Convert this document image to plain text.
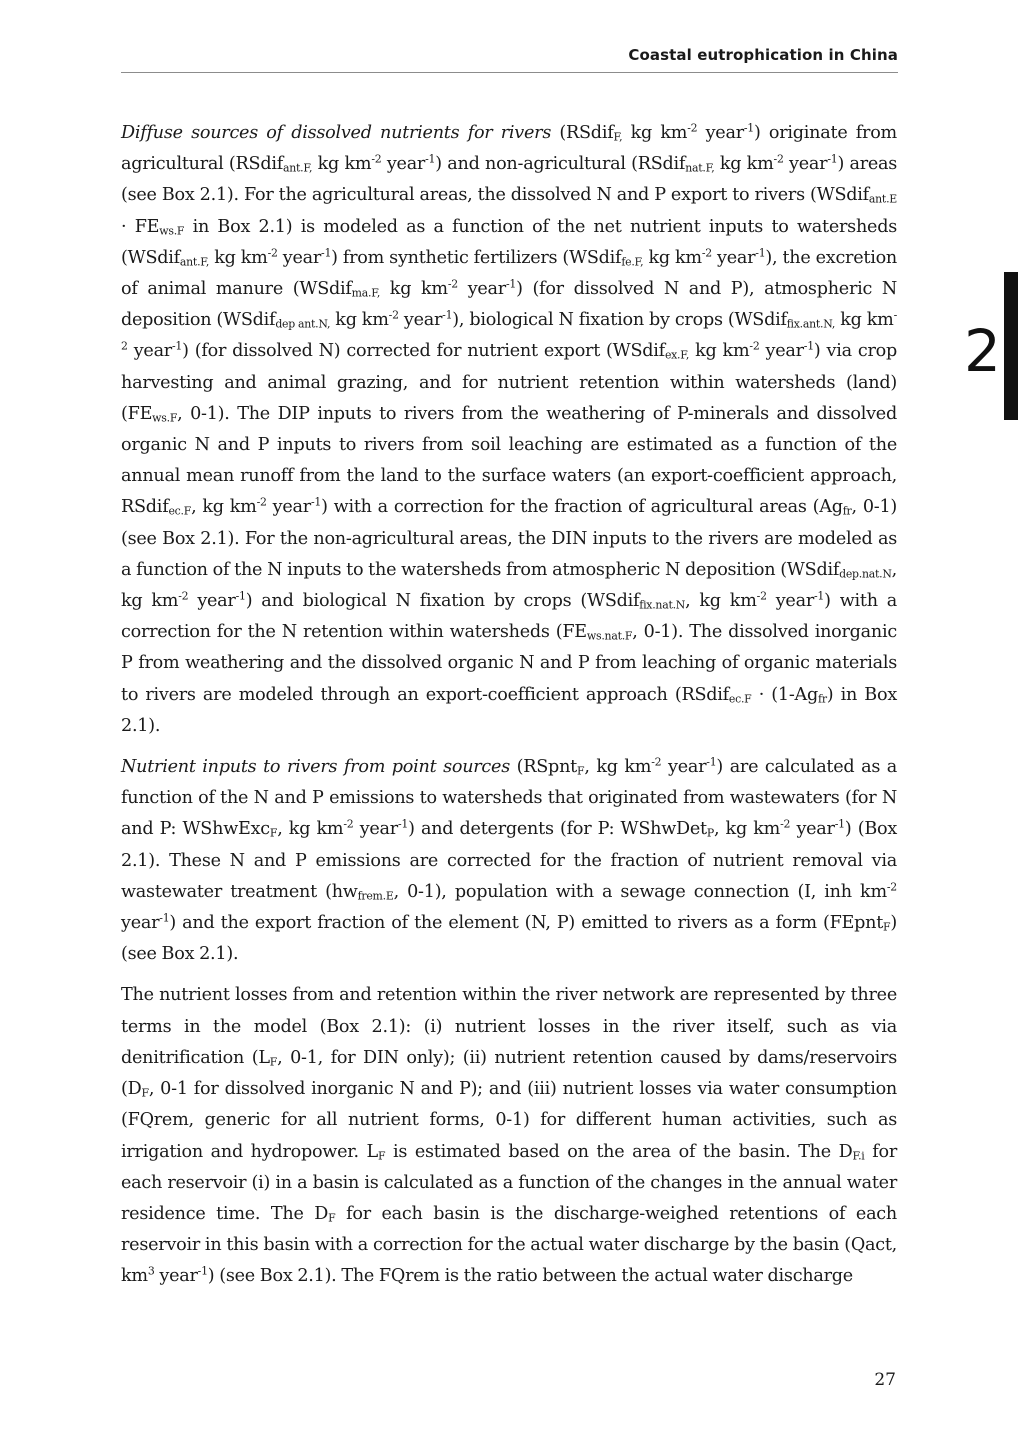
Coastal eutrophication in China
2

Diffuse sources of dissolved nutrients for rivers (RSdif$_{F,}$ kg $km^{-2}$ year$^{-1}$) originate from agricultural (RSdif$_{ant.F,}$ kg $km^{-2}$ year$^{-1}$) and non-agricultural (RSdif$_{nat.F,}$ kg $km^{-2}$ year$^{-1}$) areas (see Box 2.1). For the agricultural areas, the dissolved N and P export to rivers (WSdif$_{ant.E}$ · $FE_{ws.F}$ in Box 2.1) is modeled as a function of the net nutrient inputs to watersheds (WSdif$_{ant.F,}$ kg $km^{-2}$ year$^{-1}$) from synthetic fertilizers (WSdif$_{fe.F,}$ kg $km^{-2}$ year$^{-1}$), the excretion of animal manure (WSdif$_{ma.F,}$ kg $km^{-2}$ year$^{-1}$) (for dissolved N and P), atmospheric N deposition (WSdif$_{dep ant.N,}$ kg $km^{-2}$ year$^{-1}$), biological N fixation by crops (WSdif$_{fix.ant.N,}$ kg $km^{-2}$ year$^{-1}$) (for dissolved N) corrected for nutrient export (WSdif$_{ex.F,}$ kg $km^{-2}$ year$^{-1}$) via crop harvesting and animal grazing, and for nutrient retention within watersheds (land) ($FE_{ws.F}$, 0-1). The DIP inputs to rivers from the weathering of P-minerals and dissolved organic N and P inputs to rivers from soil leaching are estimated as a function of the annual mean runoff from the land to the surface waters (an export-coefficient approach, RSdif$_{ec.F}$, kg $km^{-2}$ year$^{-1}$) with a correction for the fraction of agricultural areas ($Ag_{fr}$, 0-1) (see Box 2.1). For the non-agricultural areas, the DIN inputs to the rivers are modeled as a function of the N inputs to the watersheds from atmospheric N deposition (WSdif$_{dep.nat.N}$, kg $km^{-2}$ year$^{-1}$) and biological N fixation by crops (WSdif$_{fix.nat.N}$, kg $km^{-2}$ year$^{-1}$) with a correction for the N retention within watersheds ($FE_{ws.nat.F}$, 0-1). The dissolved inorganic P from weathering and the dissolved organic N and P from leaching of organic materials to rivers are modeled through an export-coefficient approach (RSdif$_{ec.F}$ · $(1-Ag_{fr})$ in Box 2.1).

Nutrient inputs to rivers from point sources (RSpnt$_F$, kg $km^{-2}$ year$^{-1}$) are calculated as a function of the N and P emissions to watersheds that originated from wastewaters (for N and P: WShwExc$_F$, kg $km^{-2}$ year$^{-1}$) and detergents (for P: WShwDet$_P$, kg $km^{-2}$ year$^{-1}$) (Box 2.1). These N and P emissions are corrected for the fraction of nutrient removal via wastewater treatment ($hw_{frem.E}$, 0-1), population with a sewage connection (I, inh $km^{-2}$ year$^{-1}$) and the export fraction of the element (N, P) emitted to rivers as a form (FEpnt$_F$) (see Box 2.1).

The nutrient losses from and retention within the river network are represented by three terms in the model (Box 2.1): (i) nutrient losses in the river itself, such as via denitrification ($L_F$, 0-1, for DIN only); (ii) nutrient retention caused by dams/reservoirs ($D_F$, 0-1 for dissolved inorganic N and P); and (iii) nutrient losses via water consumption (FQrem, generic for all nutrient forms, 0-1) for different human activities, such as irrigation and hydropower. $L_F$ is estimated based on the area of the basin. The $D_{F.i}$ for each reservoir (i) in a basin is calculated as a function of the changes in the annual water residence time. The $D_F$ for each basin is the discharge-weighed retentions of each reservoir in this basin with a correction for the actual water discharge by the basin (Qact, $km^3$ year$^{-1}$) (see Box 2.1). The FQrem is the ratio between the actual water discharge

27
